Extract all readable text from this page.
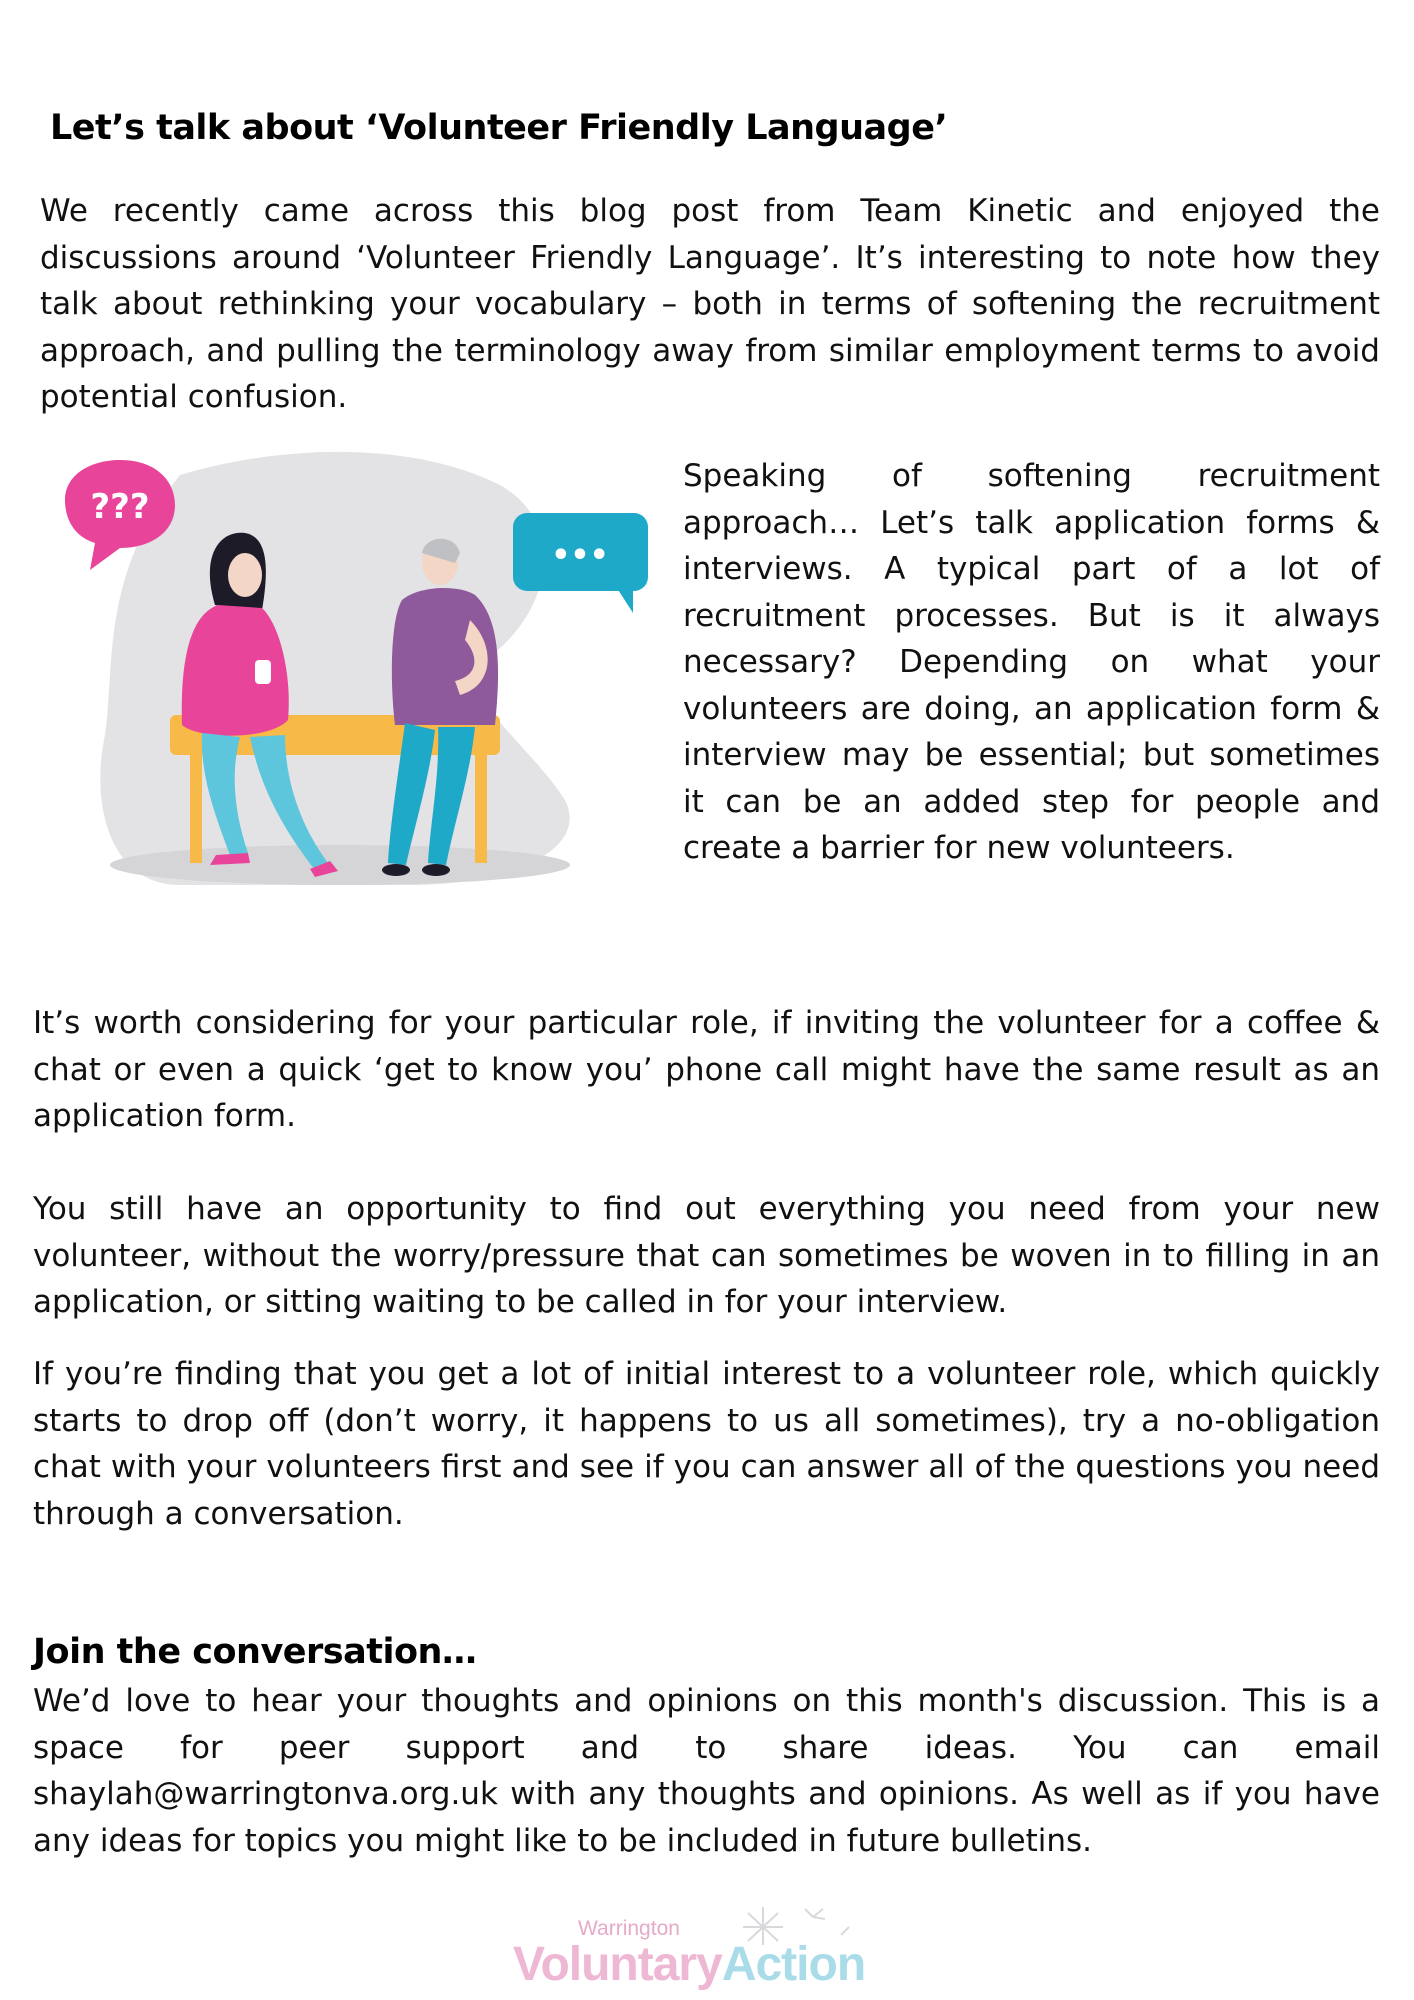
Let’s talk about ‘Volunteer Friendly Language’

We recently came across this blog post from Team Kinetic and enjoyed the discussions around ‘Volunteer Friendly Language’. It’s interesting to note how they talk about rethinking your vocabulary – both in terms of softening the recruitment approach, and pulling the terminology away from similar employment terms to avoid potential confusion.

???
•••

Speaking of softening recruitment approach… Let’s talk application forms & interviews. A typical part of a lot of recruitment processes. But is it always necessary? Depending on what your volunteers are doing, an application form & interview may be essential; but sometimes it can be an added step for people and create a barrier for new volunteers.

It’s worth considering for your particular role, if inviting the volunteer for a coffee & chat or even a quick ‘get to know you’ phone call might have the same result as an application form.

You still have an opportunity to find out everything you need from your new volunteer, without the worry/pressure that can sometimes be woven in to filling in an application, or sitting waiting to be called in for your interview.

If you’re finding that you get a lot of initial interest to a volunteer role, which quickly starts to drop off (don’t worry, it happens to us all sometimes), try a no-obligation chat with your volunteers first and see if you can answer all of the questions you need through a conversation.

Join the conversation…

We’d love to hear your thoughts and opinions on this month's discussion. This is a space for peer support and to share ideas. You can email shaylah@warringtonva.org.uk with any thoughts and opinions. As well as if you have any ideas for topics you might like to be included in future bulletins.

Warrington
VoluntaryAction
